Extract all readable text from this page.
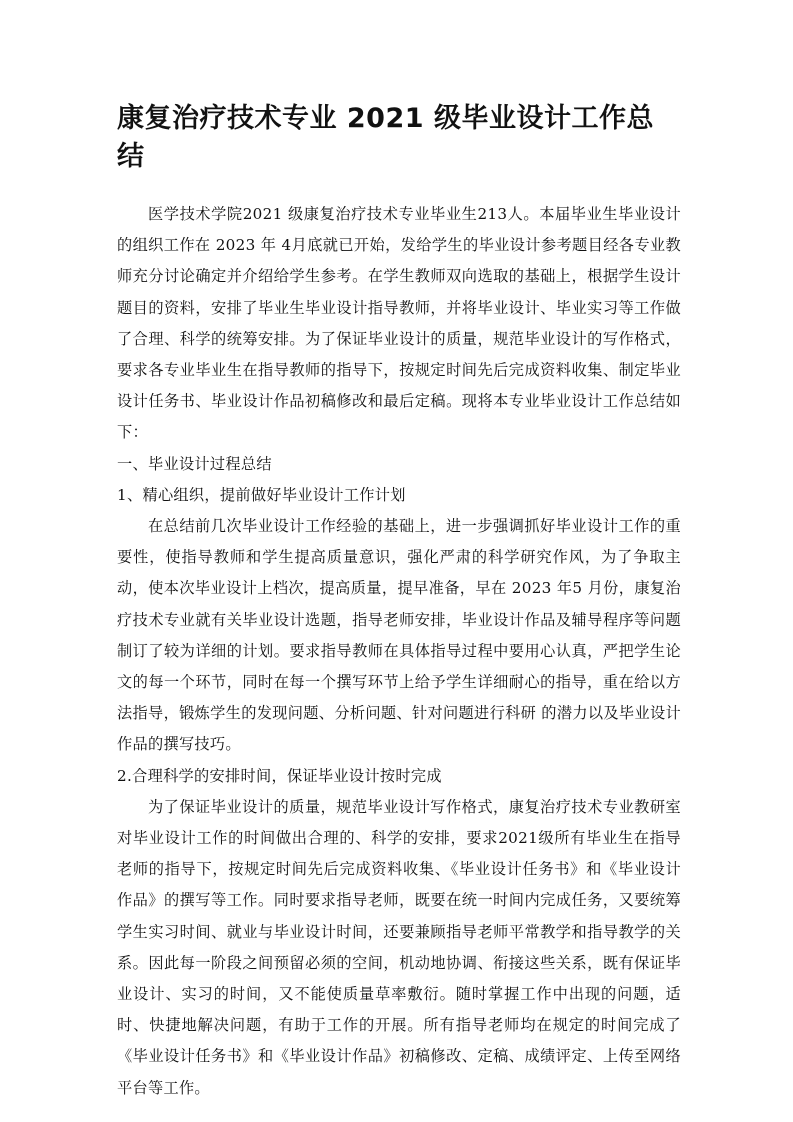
康复治疗技术专业 2021 级毕业设计工作总结

医学技术学院2021 级康复治疗技术专业毕业生213人。本届毕业生毕业设计的组织工作在 2023 年 4月底就已开始，发给学生的毕业设计参考题目经各专业教师充分讨论确定并介绍给学生参考。在学生教师双向选取的基础上，根据学生设计题目的资料，安排了毕业生毕业设计指导教师，并将毕业设计、毕业实习等工作做了合理、科学的统筹安排。为了保证毕业设计的质量，规范毕业设计的写作格式，要求各专业毕业生在指导教师的指导下，按规定时间先后完成资料收集、制定毕业设计任务书、毕业设计作品初稿修改和最后定稿。现将本专业毕业设计工作总结如下：

一、毕业设计过程总结

1、精心组织，提前做好毕业设计工作计划

在总结前几次毕业设计工作经验的基础上，进一步强调抓好毕业设计工作的重要性，使指导教师和学生提高质量意识，强化严肃的科学研究作风，为了争取主动，使本次毕业设计上档次，提高质量，提早准备，早在 2023 年5 月份，康复治疗技术专业就有关毕业设计选题，指导老师安排，毕业设计作品及辅导程序等问题制订了较为详细的计划。要求指导教师在具体指导过程中要用心认真，严把学生论文的每一个环节，同时在每一个撰写环节上给予学生详细耐心的指导，重在给以方法指导，锻炼学生的发现问题、分析问题、针对问题进行科研 的潜力以及毕业设计作品的撰写技巧。

2.合理科学的安排时间，保证毕业设计按时完成

为了保证毕业设计的质量，规范毕业设计写作格式，康复治疗技术专业教研室对毕业设计工作的时间做出合理的、科学的安排，要求2021级所有毕业生在指导老师的指导下，按规定时间先后完成资料收集、《毕业设计任务书》和《毕业设计作品》的撰写等工作。同时要求指导老师，既要在统一时间内完成任务，又要统筹学生实习时间、就业与毕业设计时间，还要兼顾指导老师平常教学和指导教学的关系。因此每一阶段之间预留必须的空间，机动地协调、衔接这些关系，既有保证毕业设计、实习的时间，又不能使质量草率敷衍。随时掌握工作中出现的问题，适时、快捷地解决问题，有助于工作的开展。所有指导老师均在规定的时间完成了《毕业设计任务书》和《毕业设计作品》初稿修改、定稿、成绩评定、上传至网络平台等工作。
